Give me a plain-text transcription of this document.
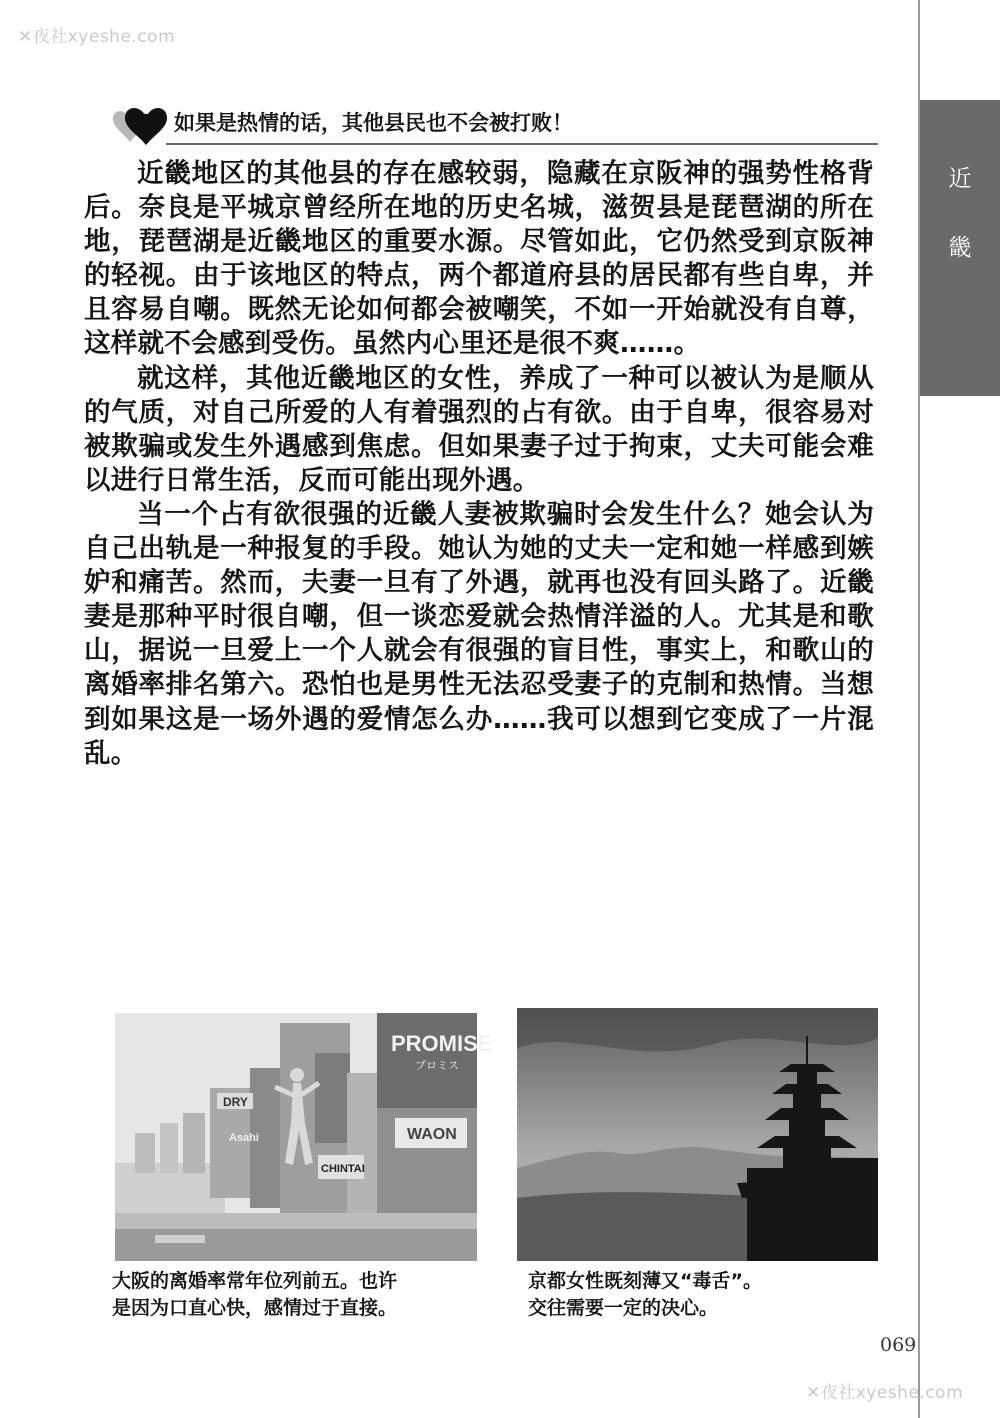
✕夜社xyeshe.com
近
畿
如果是热情的话，其他县民也不会被打败！

近畿地区的其他县的存在感较弱，隐藏在京阪神的强势性格背后。奈良是平城京曾经所在地的历史名城，滋贺县是琵琶湖的所在地，琵琶湖是近畿地区的重要水源。尽管如此，它仍然受到京阪神的轻视。由于该地区的特点，两个都道府县的居民都有些自卑，并且容易自嘲。既然无论如何都会被嘲笑，不如一开始就没有自尊，这样就不会感到受伤。虽然内心里还是很不爽……。

就这样，其他近畿地区的女性，养成了一种可以被认为是顺从的气质，对自己所爱的人有着强烈的占有欲。由于自卑，很容易对被欺骗或发生外遇感到焦虑。但如果妻子过于拘束，丈夫可能会难以进行日常生活，反而可能出现外遇。

当一个占有欲很强的近畿人妻被欺骗时会发生什么？她会认为自己出轨是一种报复的手段。她认为她的丈夫一定和她一样感到嫉妒和痛苦。然而，夫妻一旦有了外遇，就再也没有回头路了。近畿妻是那种平时很自嘲，但一谈恋爱就会热情洋溢的人。尤其是和歌山，据说一旦爱上一个人就会有很强的盲目性，事实上，和歌山的离婚率排名第六。恐怕也是男性无法忍受妻子的克制和热情。当想到如果这是一场外遇的爱情怎么办……我可以想到它变成了一片混乱。

PROMISE
プロミス
DRY
Asahi	WAON
CHINTAI
大阪的离婚率常年位列前五。也许
是因为口直心快，感情过于直接。
京都女性既刻薄又“毒舌”。
交往需要一定的决心。
069
✕夜社xyeshe.com
